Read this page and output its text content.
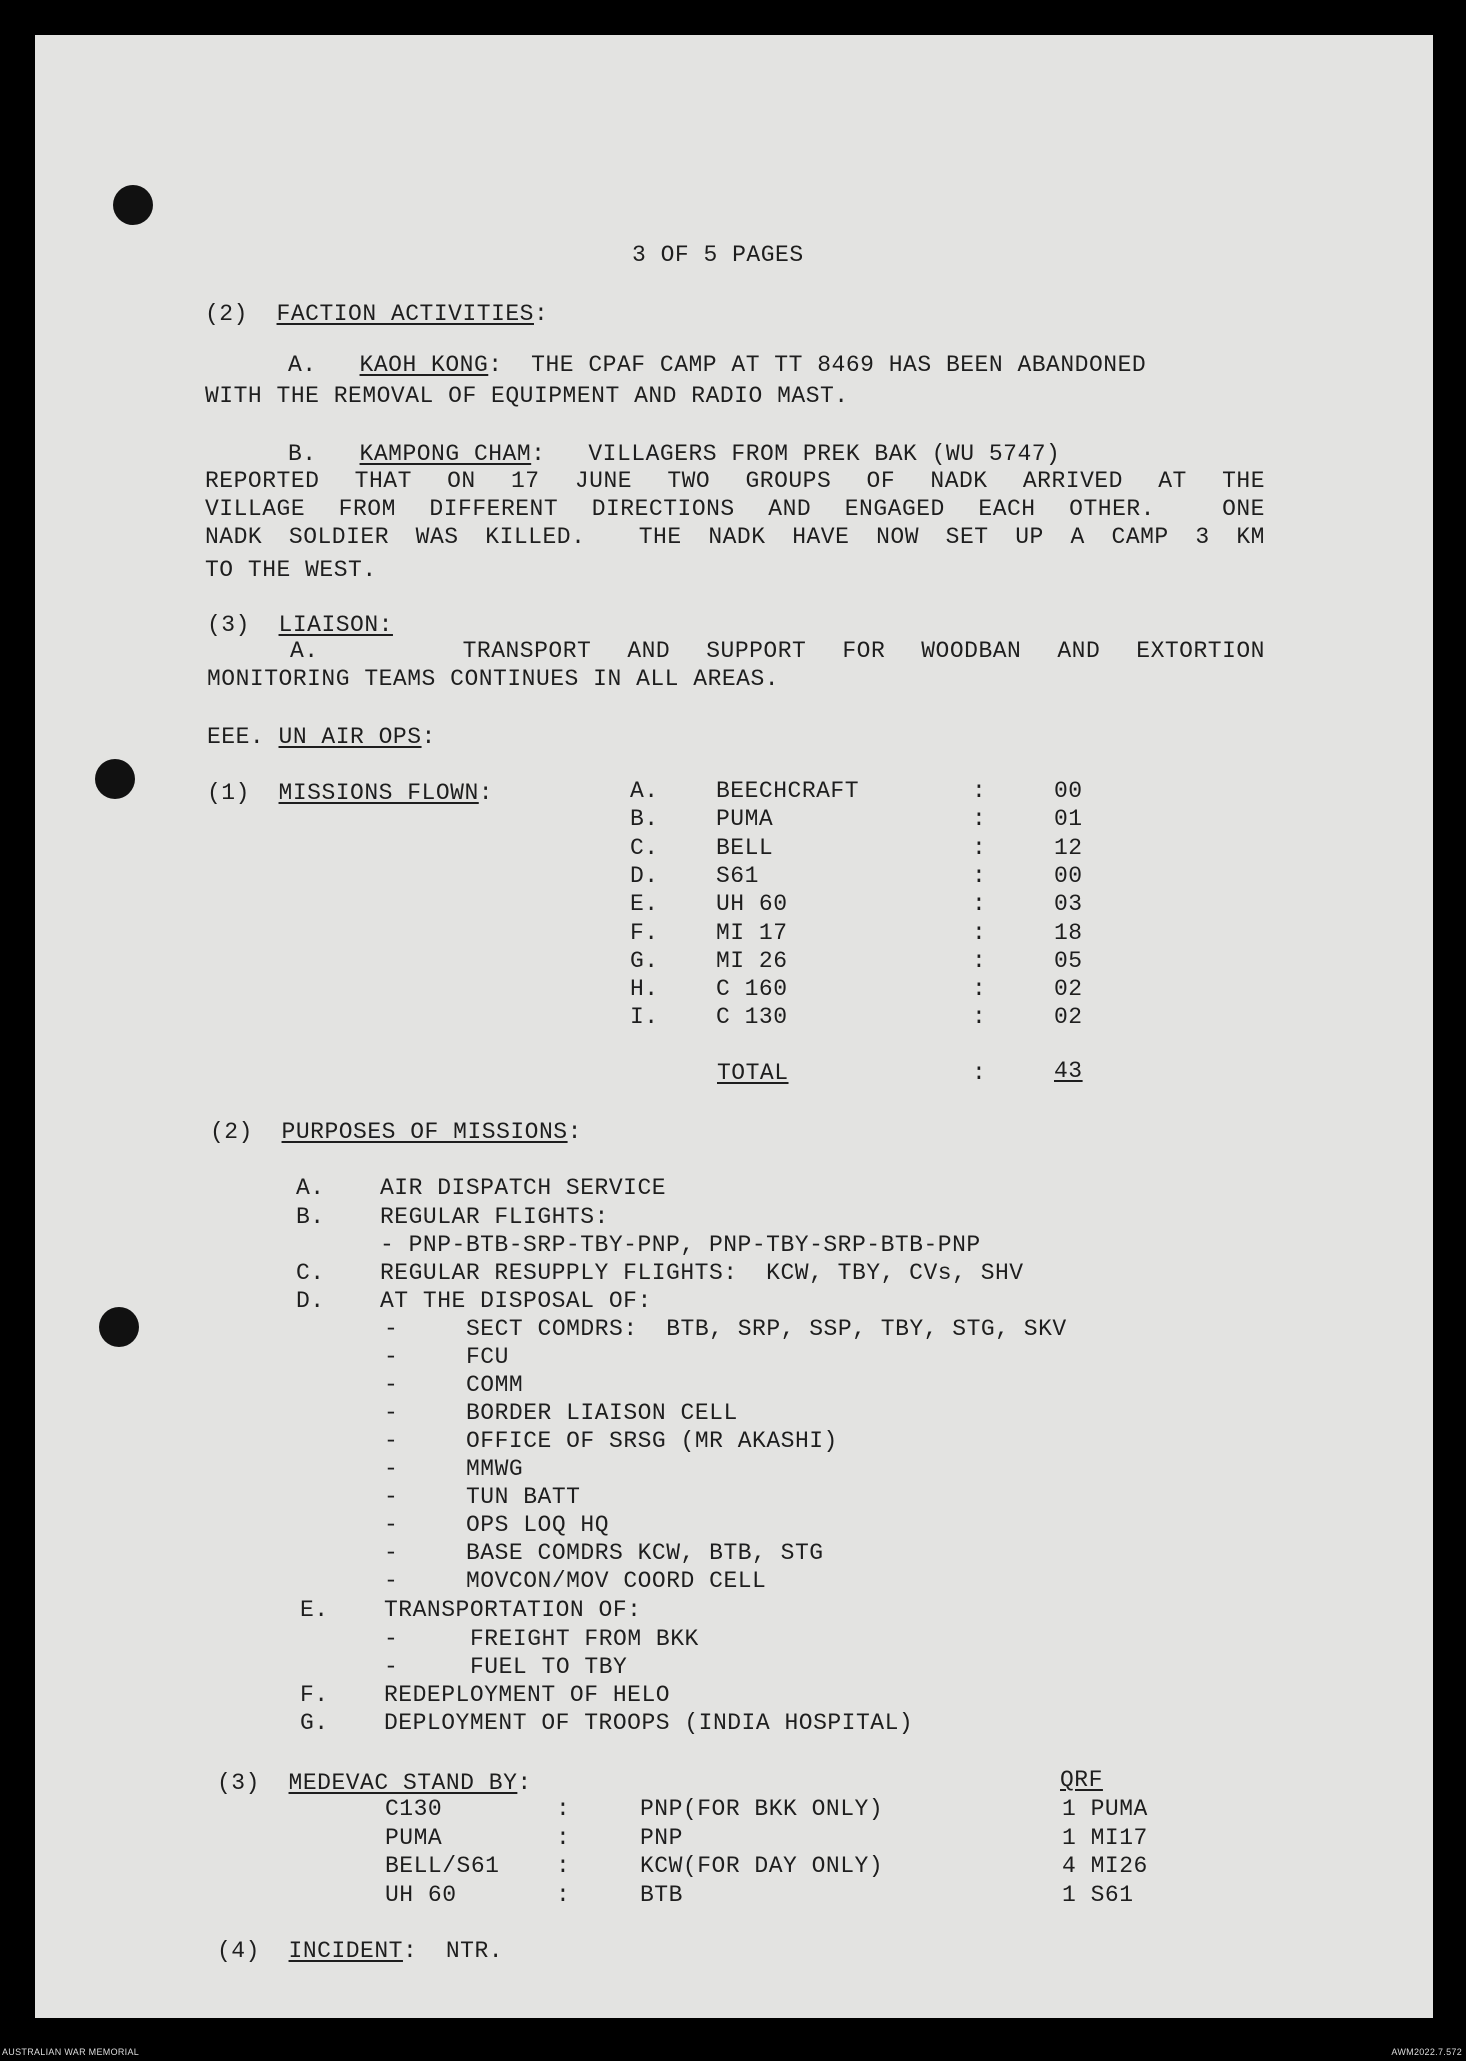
3 OF 5 PAGES
(2) FACTION ACTIVITIES:
A. KAOH KONG:  THE CPAF CAMP AT TT 8469 HAS BEEN ABANDONED
WITH THE REMOVAL OF EQUIPMENT AND RADIO MAST.
B. KAMPONG CHAM:   VILLAGERS FROM PREK BAK (WU 5747)
REPORTED THAT ON 17 JUNE TWO GROUPS OF NADK ARRIVED AT THE
VILLAGE FROM DIFFERENT DIRECTIONS AND ENGAGED EACH OTHER.  ONE
NADK SOLDIER WAS KILLED.  THE NADK HAVE NOW SET UP A CAMP 3 KM
TO THE WEST.
(3) LIAISON:
A.    TRANSPORT AND SUPPORT FOR WOODBAN AND EXTORTION
MONITORING TEAMS CONTINUES IN ALL AREAS.
EEE. UN AIR OPS:
(1) MISSIONS FLOWN:	A. BEECHCRAFT	:	00
B. PUMA	:	01
C. BELL	:	12
D. S61	:	00
E. UH 60	:	03
F. MI 17	:	18
G. MI 26	:	05
H. C 160	:	02
I. C 130	:	02
TOTAL	:	43
(2) PURPOSES OF MISSIONS:
A. AIR DISPATCH SERVICE
B. REGULAR FLIGHTS:
- PNP-BTB-SRP-TBY-PNP, PNP-TBY-SRP-BTB-PNP
C. REGULAR RESUPPLY FLIGHTS:  KCW, TBY, CVs, SHV
D. AT THE DISPOSAL OF:
-	SECT COMDRS:  BTB, SRP, SSP, TBY, STG, SKV
-	FCU
-	COMM
-	BORDER LIAISON CELL
-	OFFICE OF SRSG (MR AKASHI)
-	MMWG
-	TUN BATT
-	OPS LOQ HQ
-	BASE COMDRS KCW, BTB, STG
-	MOVCON/MOV COORD CELL
E. TRANSPORTATION OF:
-	FREIGHT FROM BKK
-	FUEL TO TBY
F. REDEPLOYMENT OF HELO
G. DEPLOYMENT OF TROOPS (INDIA HOSPITAL)
(3) MEDEVAC STAND BY:	QRF
C130	:	PNP(FOR BKK ONLY)	1 PUMA
PUMA	:	PNP	1 MI17
BELL/S61 :	KCW(FOR DAY ONLY)	4 MI26
UH 60	:	BTB	1 S61
(4) INCIDENT:  NTR.
AUSTRALIAN WAR MEMORIAL	AWM2022.7.572
